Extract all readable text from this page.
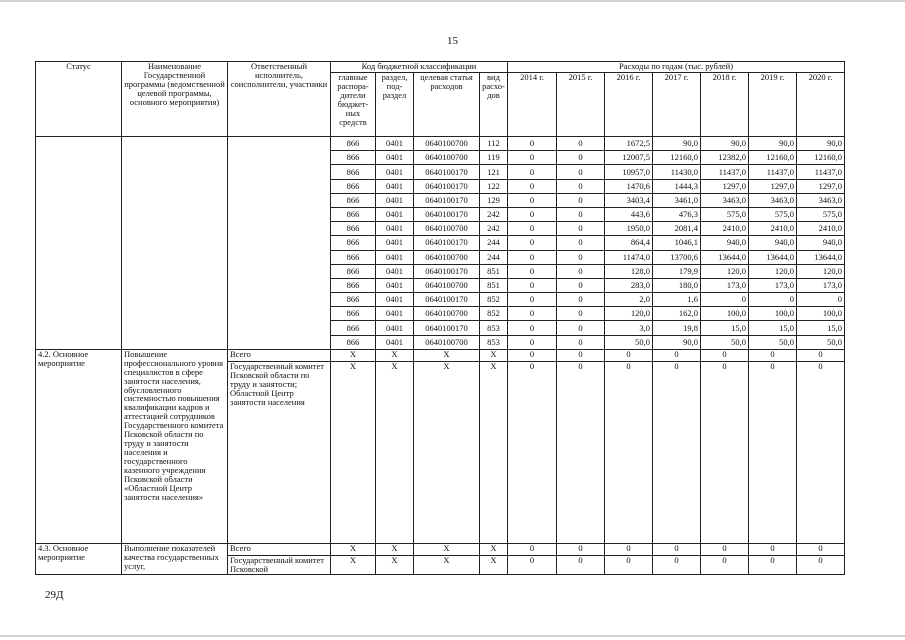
15
Статус	Наименование Государственной программы (ведомственной целевой программы, основного мероприятия)	Ответственный исполнитель, соисполнители, участники	Код бюджетной классификации				Расходы по годам (тыс. рублей)						
			главные распора-дители бюджет-ных средств	раздел, под-раздел	целевая статья расходов	вид расхо-дов	2014 г.	2015 г.	2016 г.	2017 г.	2018 г.	2019 г.	2020 г.
			866	0401	0640100700	112	0	0	1672,5	90,0	90,0	90,0	90,0
			866	0401	0640100700	119	0	0	12007,5	12160,0	12382,0	12160,0	12160,0
			866	0401	0640100170	121	0	0	10957,0	11430,0	11437,0	11437,0	11437,0
			866	0401	0640100170	122	0	0	1470,6	1444,3	1297,0	1297,0	1297,0
			866	0401	0640100170	129	0	0	3403,4	3461,0	3463,0	3463,0	3463,0
			866	0401	0640100170	242	0	0	443,6	476,3	575,0	575,0	575,0
			866	0401	0640100700	242	0	0	1950,0	2081,4	2410,0	2410,0	2410,0
			866	0401	0640100170	244	0	0	864,4	1046,1	940,0	940,0	940,0
			866	0401	0640100700	244	0	0	11474,0	13700,6	13644,0	13644,0	13644,0
			866	0401	0640100170	851	0	0	128,0	179,9	120,0	120,0	120,0
			866	0401	0640100700	851	0	0	283,0	180,0	173,0	173,0	173,0
			866	0401	0640100170	852	0	0	2,0	1,6	0	0	0
			866	0401	0640100700	852	0	0	120,0	162,0	100,0	100,0	100,0
			866	0401	0640100170	853	0	0	3,0	19,8	15,0	15,0	15,0
			866	0401	0640100700	853	0	0	50,0	90,0	50,0	50,0	50,0
4.2. Основное мероприятие	Повышение профессионального уровня специалистов в сфере занятости населения, обусловленного системностью повышения квалификации кадров и аттестацией сотрудников Государственного комитета Псковской области по труду и занятости населения и государственного казенного учреждения Псковской области «Областной Центр занятости населения»	Всего	X	X	X	X	0	0	0	0	0	0	0
		Государственный комитет Псковской области по труду и занятости; Областной Центр занятости населения	X	X	X	X	0	0	0	0	0	0	0
4.3. Основное мероприятие	Выполнение показателей качества государственных услуг,	Всего	X	X	X	X	0	0	0	0	0	0	0
		Государственный комитет Псковской	X	X	X	X	0	0	0	0	0	0	0
29Д
